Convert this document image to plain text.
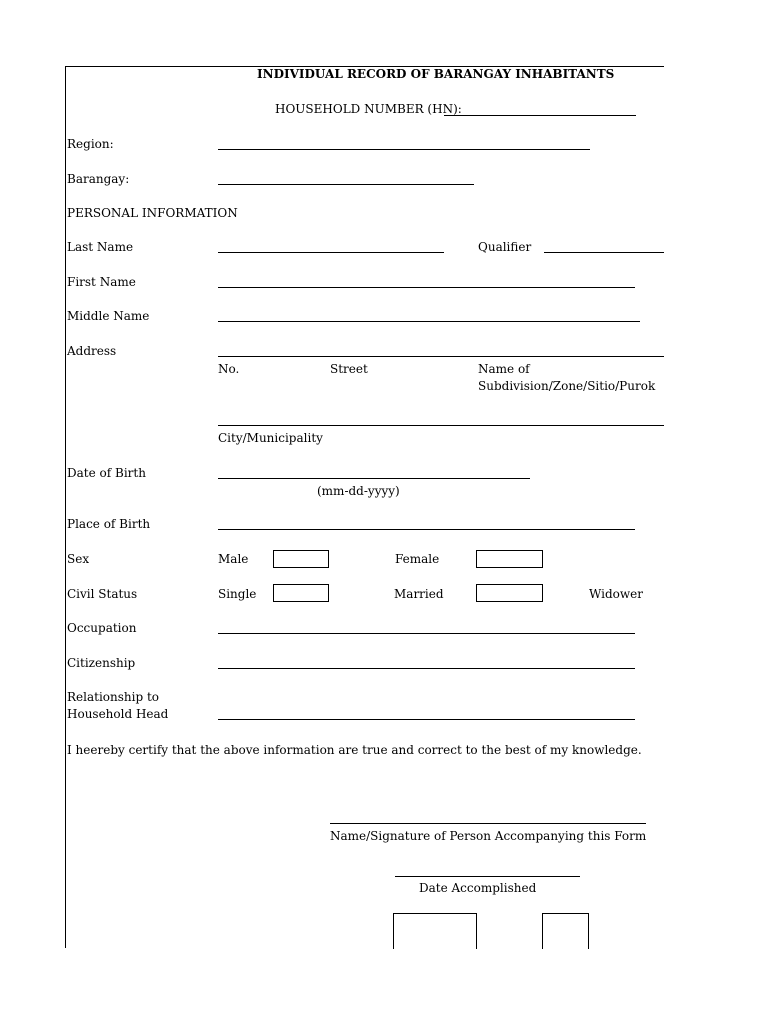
INDIVIDUAL RECORD OF BARANGAY INHABITANTS
HOUSEHOLD NUMBER (HN):
Region:
Barangay:
PERSONAL INFORMATION
Last Name	Qualifier
First Name
Middle Name
Address
No.	Street	Name of
Subdivision/Zone/Sitio/Purok
City/Municipality
Date of Birth
(mm-dd-yyyy)
Place of Birth
Sex	Male	Female
Civil Status	Single	Married	Widower
Occupation
Citizenship
Relationship to
Household Head
I heereby certify that the above information are true and correct to the best of my knowledge.
Name/Signature of Person Accompanying this Form
Date Accomplished
